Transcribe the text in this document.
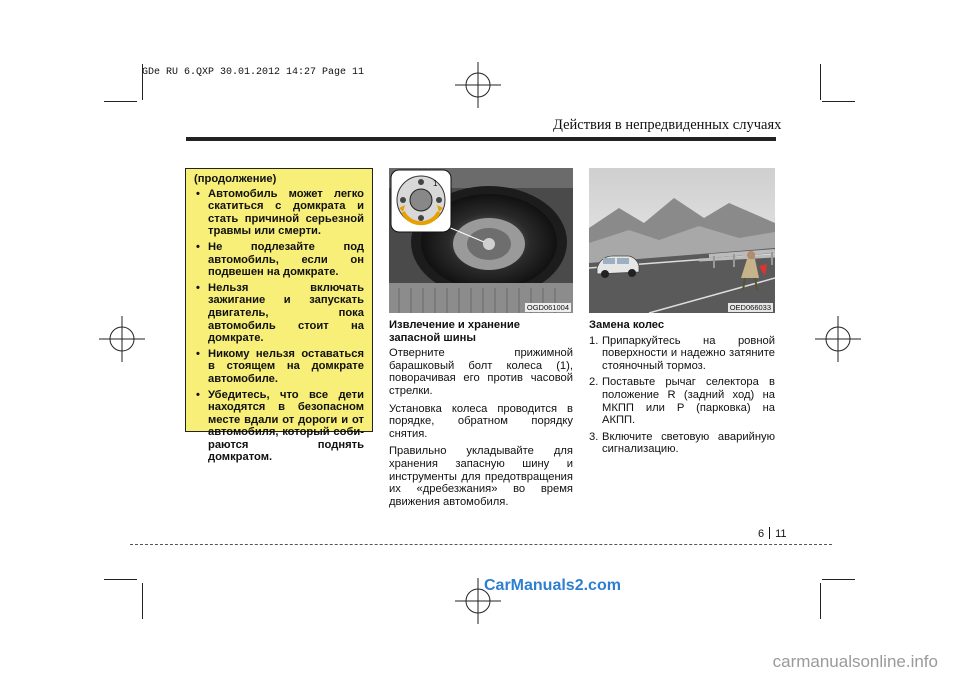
GDe RU 6.QXP 30.01.2012 14:27 Page 11
Действия в непредвиденных случаях
(продолжение)
• Автомобиль может легко скатиться с домкрата и стать причиной серьезной травмы или смерти.
• Не подлезайте под автомобиль, если он подвешен на домкрате.
• Нельзя включать зажигание и запускать двигатель, пока автомобиль стоит на домкрате.
• Никому нельзя оставаться в стоящем на домкрате автомобиле.
• Убедитесь, что все дети находятся в безопасном месте вдали от дороги и от автомобиля, который соби-раются поднять домкратом.
1
OGD061004	OED066033
Извлечение и хранение запасной шины

Отверните прижимной барашковый болт колеса (1), поворачивая его против часовой стрелки.

Установка колеса проводится в порядке, обратном порядку снятия.

Правильно укладывайте для хранения запасную шину и инструменты для предотвращения их «дребезжания» во время движения автомобиля.

Замена колес
1. Припаркуйтесь на ровной поверхности и надежно затяните стояночный тормоз.
2. Поставьте рычаг селектора в положение R (задний ход) на МКПП или P (парковка) на АКПП.
3. Включите световую аварийную сигнализацию.
6 11
CarManuals2.com
carmanualsonline.info
